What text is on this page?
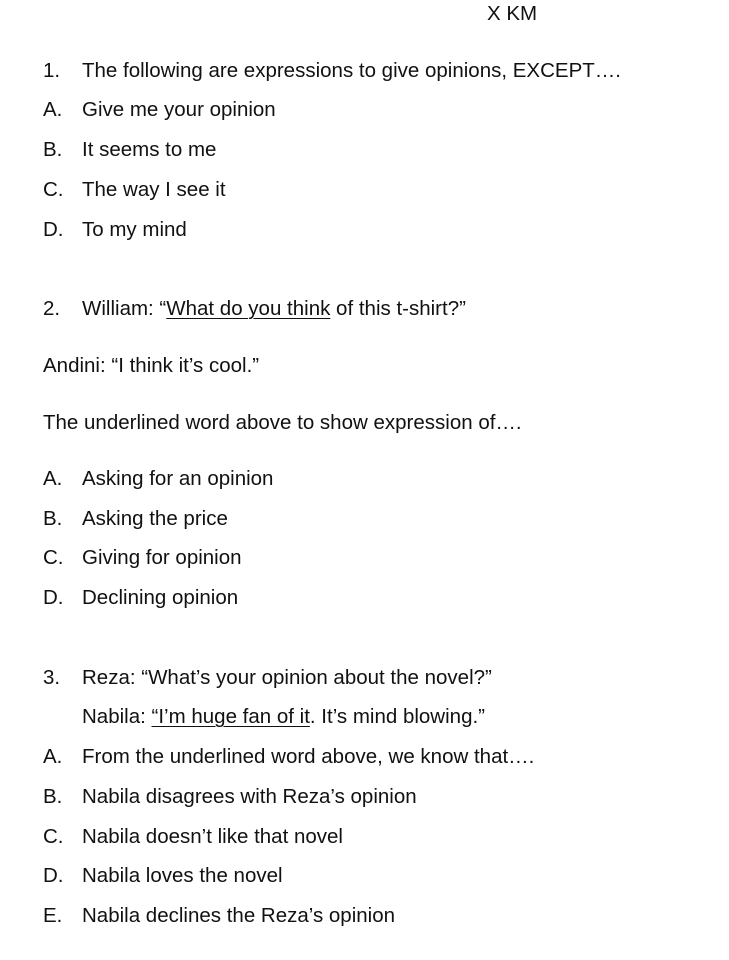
X KM
1. The following are expressions to give opinions, EXCEPT….
A. Give me your opinion
B. It seems to me
C. The way I see it
D. To my mind
2. William: “What do you think of this t-shirt?”
Andini: “I think it’s cool.”
The underlined word above to show expression of….
A. Asking for an opinion
B. Asking the price
C. Giving for opinion
D. Declining opinion
3. Reza: “What’s your opinion about the novel?”
Nabila: “I’m huge fan of it. It’s mind blowing.”
A. From the underlined word above, we know that….
B. Nabila disagrees with Reza’s opinion
C. Nabila doesn’t like that novel
D. Nabila loves the novel
E. Nabila declines the Reza’s opinion
